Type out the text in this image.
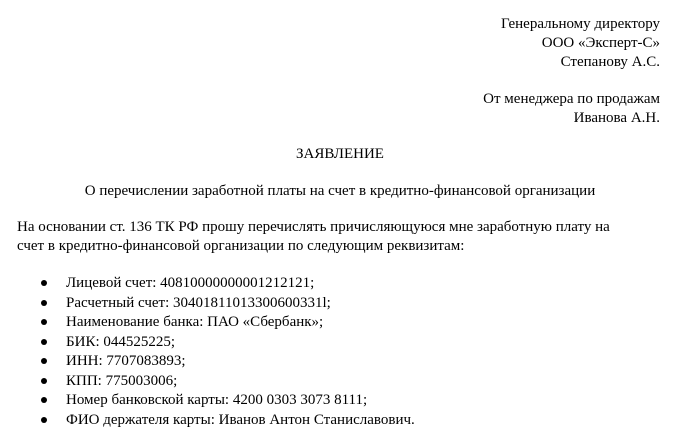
Генеральному директору
ООО «Эксперт-С»
Степанову А.С.
От менеджера по продажам
Иванова А.Н.
ЗАЯВЛЕНИЕ
О перечислении заработной платы на счет в кредитно-финансовой организации
На основании ст. 136 ТК РФ прошу перечислять причисляющуюся мне заработную плату на
счет в кредитно-финансовой организации по следующим реквизитам:
Лицевой счет: 40810000000001212121;
Расчетный счет: 30401811013300600331l;
Наименование банка: ПАО «Сбербанк»;
БИК: 044525225;
ИНН: 7707083893;
КПП: 775003006;
Номер банковской карты: 4200 0303 3073 8111;
ФИО держателя карты: Иванов Антон Станиславович.
